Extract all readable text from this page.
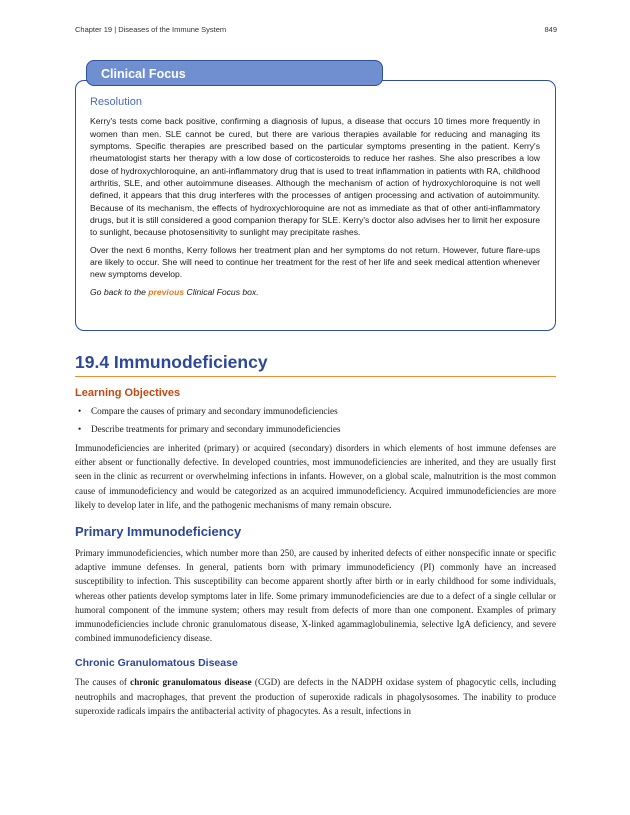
Chapter 19 | Diseases of the Immune System	849
Clinical Focus
Resolution

Kerry's tests come back positive, confirming a diagnosis of lupus, a disease that occurs 10 times more frequently in women than men. SLE cannot be cured, but there are various therapies available for reducing and managing its symptoms. Specific therapies are prescribed based on the particular symptoms presenting in the patient. Kerry's rheumatologist starts her therapy with a low dose of corticosteroids to reduce her rashes. She also prescribes a low dose of hydroxychloroquine, an anti-inflammatory drug that is used to treat inflammation in patients with RA, childhood arthritis, SLE, and other autoimmune diseases. Although the mechanism of action of hydroxychloroquine is not well defined, it appears that this drug interferes with the processes of antigen processing and activation of autoimmunity. Because of its mechanism, the effects of hydroxychloroquine are not as immediate as that of other anti-inflammatory drugs, but it is still considered a good companion therapy for SLE. Kerry's doctor also advises her to limit her exposure to sunlight, because photosensitivity to sunlight may precipitate rashes.

Over the next 6 months, Kerry follows her treatment plan and her symptoms do not return. However, future flare-ups are likely to occur. She will need to continue her treatment for the rest of her life and seek medical attention whenever new symptoms develop.

Go back to the previous Clinical Focus box.

19.4 Immunodeficiency
Learning Objectives
• Compare the causes of primary and secondary immunodeficiencies
• Describe treatments for primary and secondary immunodeficiencies

Immunodeficiencies are inherited (primary) or acquired (secondary) disorders in which elements of host immune defenses are either absent or functionally defective. In developed countries, most immunodeficiencies are inherited, and they are usually first seen in the clinic as recurrent or overwhelming infections in infants. However, on a global scale, malnutrition is the most common cause of immunodeficiency and would be categorized as an acquired immunodeficiency. Acquired immunodeficiencies are more likely to develop later in life, and the pathogenic mechanisms of many remain obscure.

Primary Immunodeficiency

Primary immunodeficiencies, which number more than 250, are caused by inherited defects of either nonspecific innate or specific adaptive immune defenses. In general, patients born with primary immunodeficiency (PI) commonly have an increased susceptibility to infection. This susceptibility can become apparent shortly after birth or in early childhood for some individuals, whereas other patients develop symptoms later in life. Some primary immunodeficiencies are due to a defect of a single cellular or humoral component of the immune system; others may result from defects of more than one component. Examples of primary immunodeficiencies include chronic granulomatous disease, X-linked agammaglobulinemia, selective IgA deficiency, and severe combined immunodeficiency disease.

Chronic Granulomatous Disease

The causes of chronic granulomatous disease (CGD) are defects in the NADPH oxidase system of phagocytic cells, including neutrophils and macrophages, that prevent the production of superoxide radicals in phagolysosomes. The inability to produce superoxide radicals impairs the antibacterial activity of phagocytes. As a result, infections in
